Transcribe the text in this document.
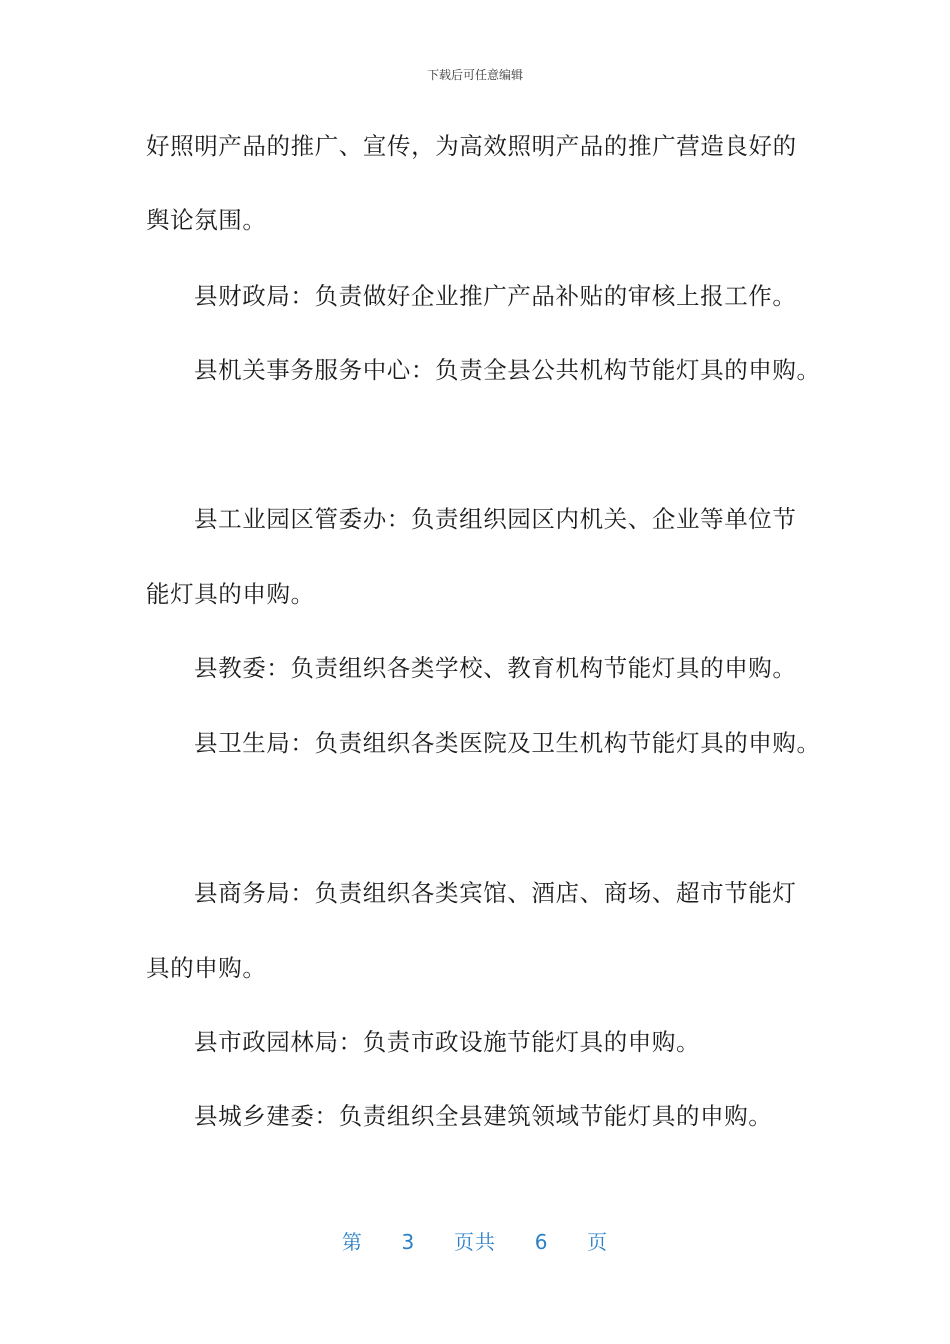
下载后可任意编辑
好照明产品的推广、宣传，为高效照明产品的推广营造良好的
舆论氛围。
县财政局：负责做好企业推广产品补贴的审核上报工作。
县机关事务服务中心：负责全县公共机构节能灯具的申购。
县工业园区管委办：负责组织园区内机关、企业等单位节
能灯具的申购。
县教委：负责组织各类学校、教育机构节能灯具的申购。
县卫生局：负责组织各类医院及卫生机构节能灯具的申购。
县商务局：负责组织各类宾馆、酒店、商场、超市节能灯
具的申购。
县市政园林局：负责市政设施节能灯具的申购。
县城乡建委：负责组织全县建筑领域节能灯具的申购。
第 3 页共 6 页
